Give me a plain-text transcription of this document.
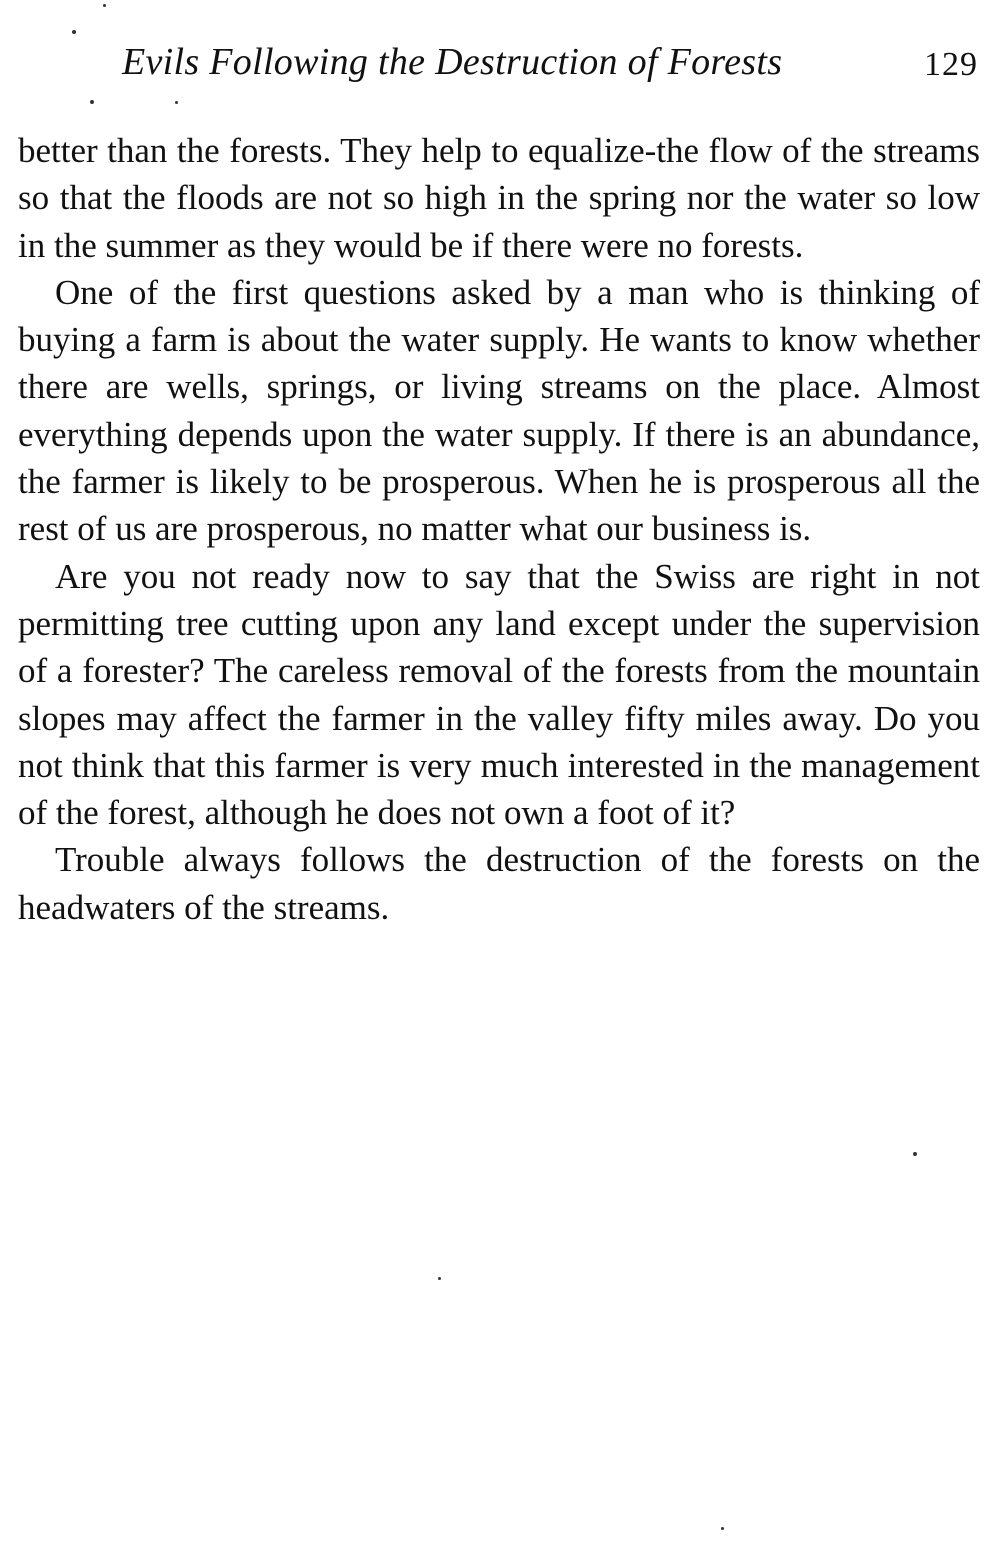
Evils Following the Destruction of Forests	129

better than the forests. They help to equalize-the flow of the streams so that the floods are not so high in the spring nor the water so low in the summer as they would be if there were no forests.

One of the first questions asked by a man who is thinking of buying a farm is about the water supply. He wants to know whether there are wells, springs, or living streams on the place. Almost everything depends upon the water supply. If there is an abundance, the farmer is likely to be prosperous. When he is prosperous all the rest of us are prosperous, no matter what our business is.

Are you not ready now to say that the Swiss are right in not permitting tree cutting upon any land except under the supervision of a forester? The careless removal of the forests from the mountain slopes may affect the farmer in the valley fifty miles away. Do you not think that this farmer is very much interested in the management of the forest, although he does not own a foot of it?

Trouble always follows the destruction of the forests on the headwaters of the streams.
